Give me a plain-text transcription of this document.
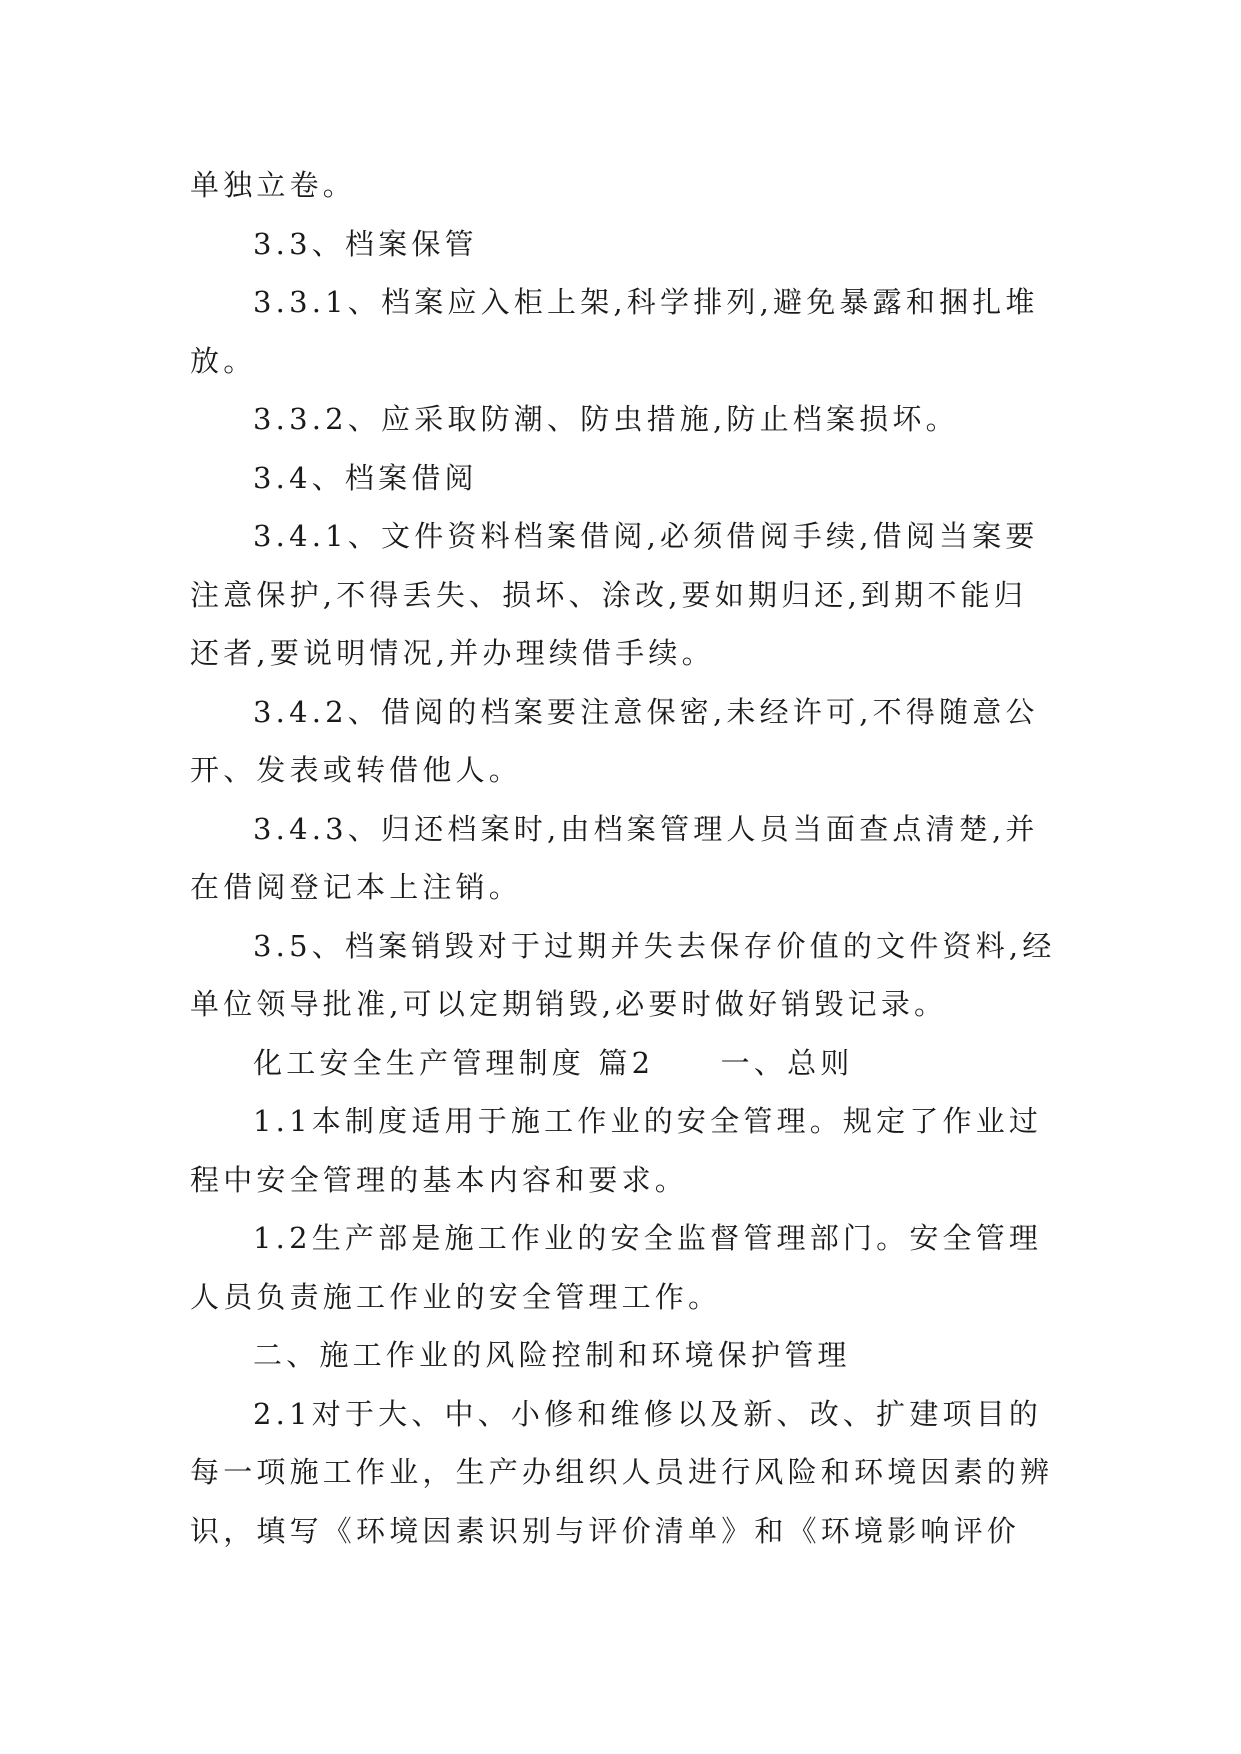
单独立卷。
3.3、档案保管
3.3.1、档案应入柜上架,科学排列,避免暴露和捆扎堆
放。
3.3.2、应采取防潮、防虫措施,防止档案损坏。
3.4、档案借阅
3.4.1、文件资料档案借阅,必须借阅手续,借阅当案要
注意保护,不得丢失、损坏、涂改,要如期归还,到期不能归
还者,要说明情况,并办理续借手续。
3.4.2、借阅的档案要注意保密,未经许可,不得随意公
开、发表或转借他人。
3.4.3、归还档案时,由档案管理人员当面查点清楚,并
在借阅登记本上注销。
3.5、档案销毁对于过期并失去保存价值的文件资料,经
单位领导批准,可以定期销毁,必要时做好销毁记录。
化工安全生产管理制度 篇2　　一、总则
1.1本制度适用于施工作业的安全管理。规定了作业过
程中安全管理的基本内容和要求。
1.2生产部是施工作业的安全监督管理部门。安全管理
人员负责施工作业的安全管理工作。
二、施工作业的风险控制和环境保护管理
2.1对于大、中、小修和维修以及新、改、扩建项目的
每一项施工作业，生产办组织人员进行风险和环境因素的辨
识，填写《环境因素识别与评价清单》和《环境影响评价
